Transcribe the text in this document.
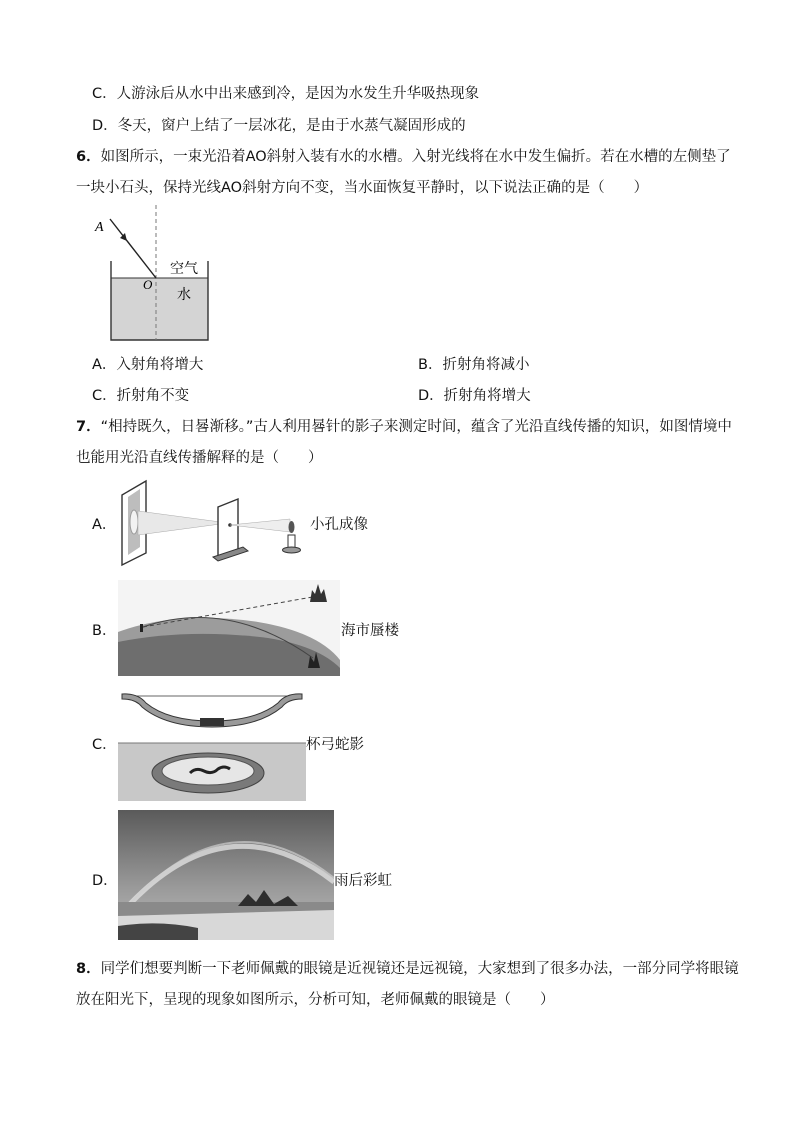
C．人游泳后从水中出来感到冷，是因为水发生升华吸热现象
D．冬天，窗户上结了一层冰花，是由于水蒸气凝固形成的
6．如图所示，一束光沿着AO斜射入装有水的水槽。入射光线将在水中发生偏折。若在水槽的左侧垫了
一块小石头，保持光线AO斜射方向不变，当水面恢复平静时，以下说法正确的是（　　）
A
O
空气
水
A．入射角将增大	B．折射角将减小
C．折射角不变	D．折射角将增大
7．“相持既久，日晷渐移。”古人利用晷针的影子来测定时间，蕴含了光沿直线传播的知识，如图情境中
也能用光沿直线传播解释的是（　　）
A．	小孔成像
B．	海市蜃楼
C．	杯弓蛇影
D．	雨后彩虹
8．同学们想要判断一下老师佩戴的眼镜是近视镜还是远视镜，大家想到了很多办法，一部分同学将眼镜
放在阳光下，呈现的现象如图所示，分析可知，老师佩戴的眼镜是（　　）
